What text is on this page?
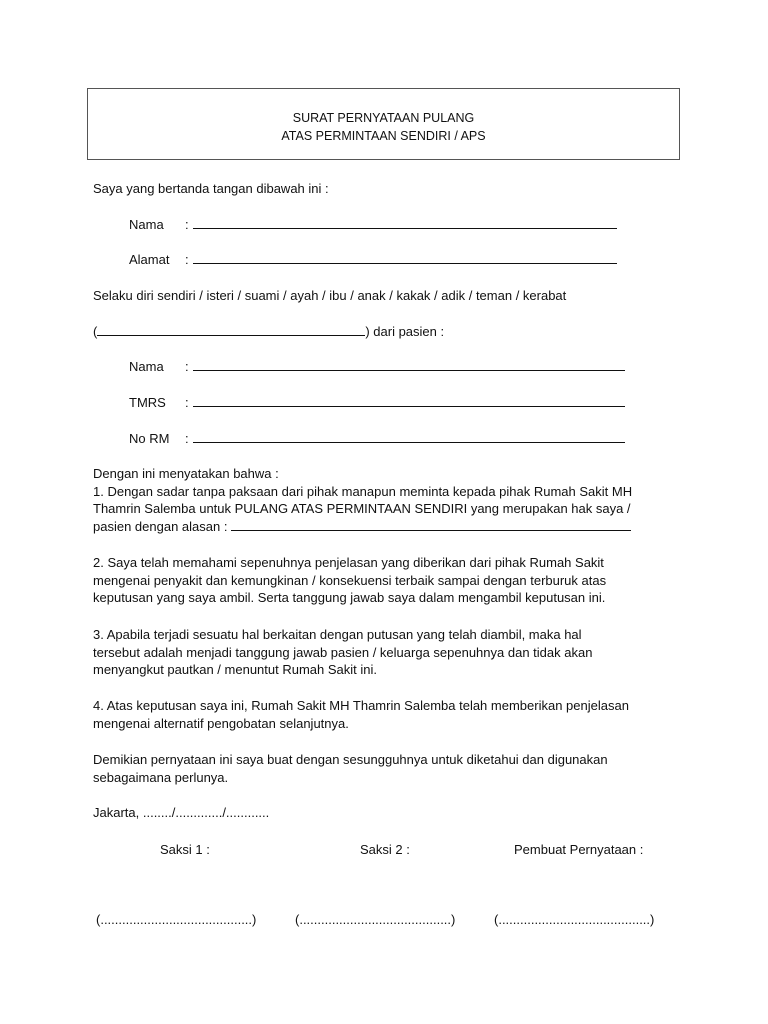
SURAT PERNYATAAN PULANG
ATAS PERMINTAAN SENDIRI / APS
Saya yang bertanda tangan dibawah ini :
Nama :
Alamat :
Selaku diri sendiri / isteri / suami / ayah / ibu / anak / kakak / adik / teman / kerabat
(	) dari pasien :
Nama :
TMRS :
No RM :
Dengan ini menyatakan bahwa :
1. Dengan sadar tanpa paksaan dari pihak manapun meminta kepada pihak Rumah Sakit MH
Thamrin Salemba untuk PULANG ATAS PERMINTAAN SENDIRI yang merupakan hak saya /
pasien dengan alasan :
2. Saya telah memahami sepenuhnya penjelasan yang diberikan dari pihak Rumah Sakit
mengenai penyakit dan kemungkinan / konsekuensi terbaik sampai dengan terburuk atas
keputusan yang saya ambil. Serta tanggung jawab saya dalam mengambil keputusan ini.
3. Apabila terjadi sesuatu hal berkaitan dengan putusan yang telah diambil, maka hal
tersebut adalah menjadi tanggung jawab pasien / keluarga sepenuhnya dan tidak akan
menyangkut pautkan / menuntut Rumah Sakit ini.
4. Atas keputusan saya ini, Rumah Sakit MH Thamrin Salemba telah memberikan penjelasan
mengenai alternatif pengobatan selanjutnya.
Demikian pernyataan ini saya buat dengan sesungguhnya untuk diketahui dan digunakan
sebagaimana perlunya.
Jakarta, ......../............./............
Saksi 1 :	Saksi 2 :	Pembuat Pernyataan :
(..........................................)	(..........................................)	(..........................................)
